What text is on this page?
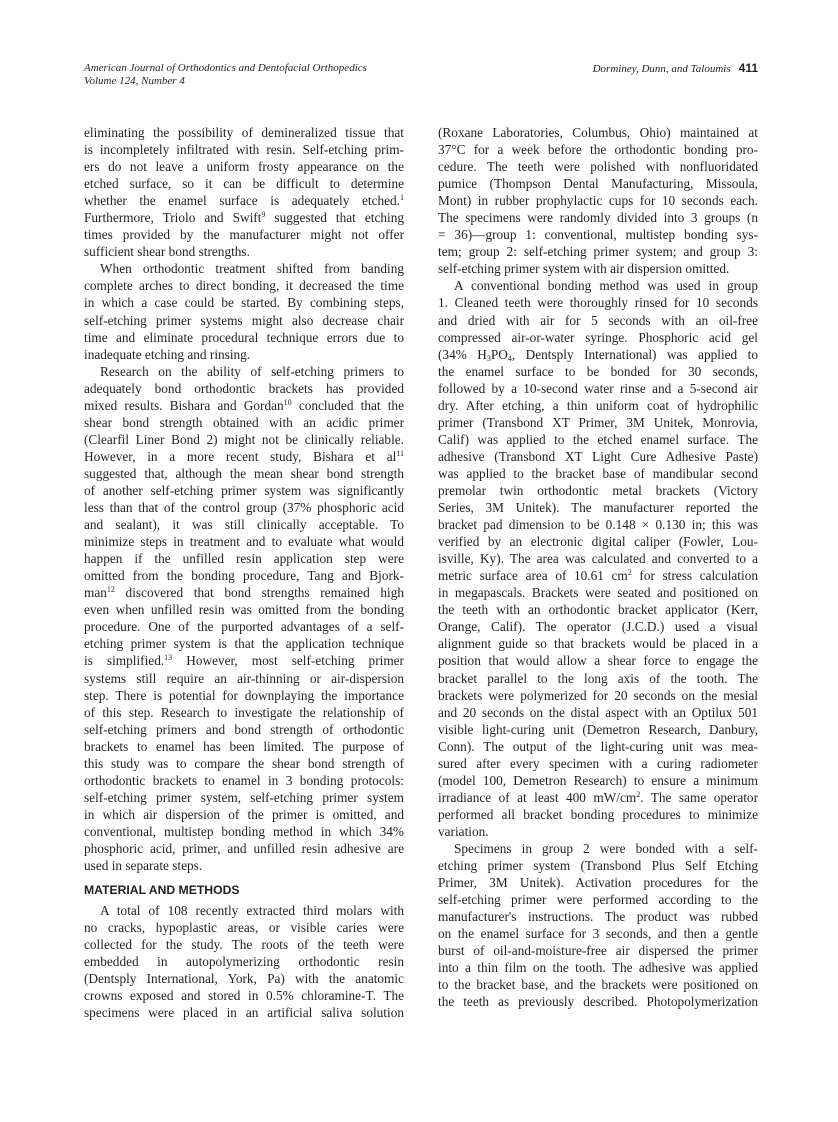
American Journal of Orthodontics and Dentofacial Orthopedics
Volume 124, Number 4
Dorminey, Dunn, and Taloumis 411
eliminating the possibility of demineralized tissue that
is incompletely infiltrated with resin. Self-etching prim-
ers do not leave a uniform frosty appearance on the
etched surface, so it can be difficult to determine
whether the enamel surface is adequately etched.$^1$
Furthermore, Triolo and Swift$^9$ suggested that etching
times provided by the manufacturer might not offer
sufficient shear bond strengths.
When orthodontic treatment shifted from banding
complete arches to direct bonding, it decreased the time
in which a case could be started. By combining steps,
self-etching primer systems might also decrease chair
time and eliminate procedural technique errors due to
inadequate etching and rinsing.
Research on the ability of self-etching primers to
adequately bond orthodontic brackets has provided
mixed results. Bishara and Gordan$^{10}$ concluded that the
shear bond strength obtained with an acidic primer
(Clearfil Liner Bond 2) might not be clinically reliable.
However, in a more recent study, Bishara et $al^{11}$
suggested that, although the mean shear bond strength
of another self-etching primer system was significantly
less than that of the control group (37% phosphoric acid
and sealant), it was still clinically acceptable. To
minimize steps in treatment and to evaluate what would
happen if the unfilled resin application step were
omitted from the bonding procedure, Tang and Bjork-
man$^{12}$ discovered that bond strengths remained high
even when unfilled resin was omitted from the bonding
procedure. One of the purported advantages of a self-
etching primer system is that the application technique
is simplified.$^{13}$ However, most self-etching primer
systems still require an air-thinning or air-dispersion
step. There is potential for downplaying the importance
of this step. Research to investigate the relationship of
self-etching primers and bond strength of orthodontic
brackets to enamel has been limited. The purpose of
this study was to compare the shear bond strength of
orthodontic brackets to enamel in 3 bonding protocols:
self-etching primer system, self-etching primer system
in which air dispersion of the primer is omitted, and
conventional, multistep bonding method in which 34%
phosphoric acid, primer, and unfilled resin adhesive are
used in separate steps.
MATERIAL AND METHODS
A total of 108 recently extracted third molars with
no cracks, hypoplastic areas, or visible caries were
collected for the study. The roots of the teeth were
embedded in autopolymerizing orthodontic resin
(Dentsply International, York, Pa) with the anatomic
crowns exposed and stored in 0.5% chloramine-T. The
specimens were placed in an artificial saliva solution
(Roxane Laboratories, Columbus, Ohio) maintained at
37°C for a week before the orthodontic bonding pro-
cedure. The teeth were polished with nonfluoridated
pumice (Thompson Dental Manufacturing, Missoula,
Mont) in rubber prophylactic cups for 10 seconds each.
The specimens were randomly divided into 3 groups (n
= 36)—group 1: conventional, multistep bonding sys-
tem; group 2: self-etching primer system; and group 3:
self-etching primer system with air dispersion omitted.
A conventional bonding method was used in group
1. Cleaned teeth were thoroughly rinsed for 10 seconds
and dried with air for 5 seconds with an oil-free
compressed air-or-water syringe. Phosphoric acid gel
(34% $H_3PO_4$, Dentsply International) was applied to
the enamel surface to be bonded for 30 seconds,
followed by a 10-second water rinse and a 5-second air
dry. After etching, a thin uniform coat of hydrophilic
primer (Transbond XT Primer, 3M Unitek, Monrovia,
Calif) was applied to the etched enamel surface. The
adhesive (Transbond XT Light Cure Adhesive Paste)
was applied to the bracket base of mandibular second
premolar twin orthodontic metal brackets (Victory
Series, 3M Unitek). The manufacturer reported the
bracket pad dimension to be 0.148 × 0.130 in; this was
verified by an electronic digital caliper (Fowler, Lou-
isville, Ky). The area was calculated and converted to a
metric surface area of 10.61 $cm^2$ for stress calculation
in megapascals. Brackets were seated and positioned on
the teeth with an orthodontic bracket applicator (Kerr,
Orange, Calif). The operator (J.C.D.) used a visual
alignment guide so that brackets would be placed in a
position that would allow a shear force to engage the
bracket parallel to the long axis of the tooth. The
brackets were polymerized for 20 seconds on the mesial
and 20 seconds on the distal aspect with an Optilux 501
visible light-curing unit (Demetron Research, Danbury,
Conn). The output of the light-curing unit was mea-
sured after every specimen with a curing radiometer
(model 100, Demetron Research) to ensure a minimum
irradiance of at least 400 $mW/cm^2$. The same operator
performed all bracket bonding procedures to minimize
variation.
Specimens in group 2 were bonded with a self-
etching primer system (Transbond Plus Self Etching
Primer, 3M Unitek). Activation procedures for the
self-etching primer were performed according to the
manufacturer's instructions. The product was rubbed
on the enamel surface for 3 seconds, and then a gentle
burst of oil-and-moisture-free air dispersed the primer
into a thin film on the tooth. The adhesive was applied
to the bracket base, and the brackets were positioned on
the teeth as previously described. Photopolymerization
